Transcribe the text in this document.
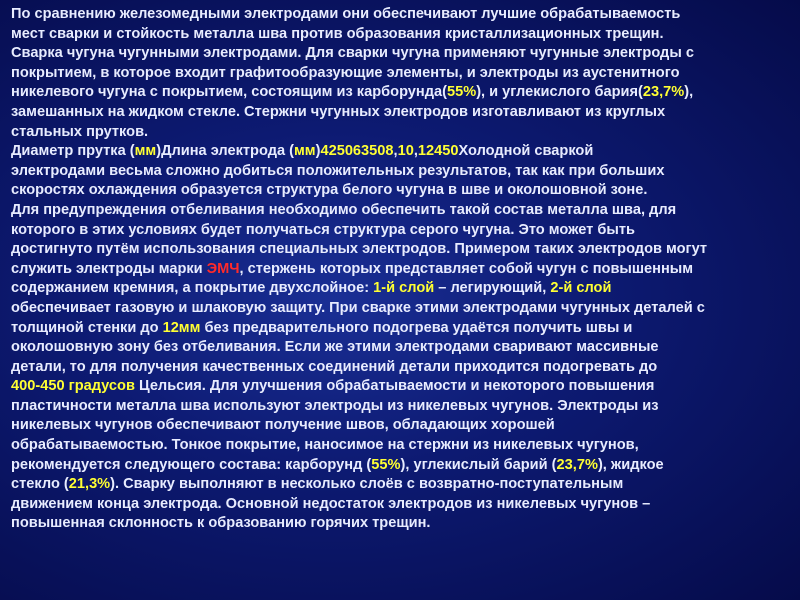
По сравнению железомедными электродами они обеспечивают лучшие обрабатываемость
мест сварки и стойкость металла шва против образования кристаллизационных трещин.

Сварка чугуна чугунными электродами. Для сварки чугуна применяют чугунные электроды с
покрытием, в которое входит графитообразующие элементы, и электроды из аустенитного
никелевого чугуна с покрытием, состоящим из карборунда(55%), и углекислого бария(23,7%),
замешанных на жидком стекле. Стержни чугунных электродов изготавливают из круглых
стальных прутков.

Диаметр прутка (мм)Длина электрода (мм)425063508,10,12450Холодной сваркой
электродами весьма сложно добиться положительных результатов, так как при больших
скоростях охлаждения образуется структура белого чугуна в шве и околошовной зоне.

Для предупреждения отбеливания необходимо обеспечить такой состав металла шва, для
которого в этих условиях будет получаться структура серого чугуна. Это может быть
достигнуто путём использования специальных электродов. Примером таких электродов могут
служить электроды марки ЭМЧ, стержень которых представляет собой чугун с повышенным
содержанием кремния, а покрытие двухслойное: 1-й слой – легирующий, 2-й слой
обеспечивает газовую и шлаковую защиту. При сварке этими электродами чугунных деталей с
толщиной стенки до 12мм без предварительного подогрева удаётся получить швы и
околошовную зону без отбеливания. Если же этими электродами сваривают массивные
детали, то для получения качественных соединений детали приходится подогревать до
400-450 градусов Цельсия. Для улучшения обрабатываемости и некоторого повышения
пластичности металла шва используют электроды из никелевых чугунов. Электроды из
никелевых чугунов обеспечивают получение швов, обладающих хорошей
обрабатываемостью. Тонкое покрытие, наносимое на стержни из никелевых чугунов,
рекомендуется следующего состава: карборунд (55%), углекислый барий (23,7%), жидкое
стекло (21,3%). Сварку выполняют в несколько слоёв с возвратно-поступательным
движением конца электрода. Основной недостаток электродов из никелевых чугунов –
повышенная склонность к образованию горячих трещин.
